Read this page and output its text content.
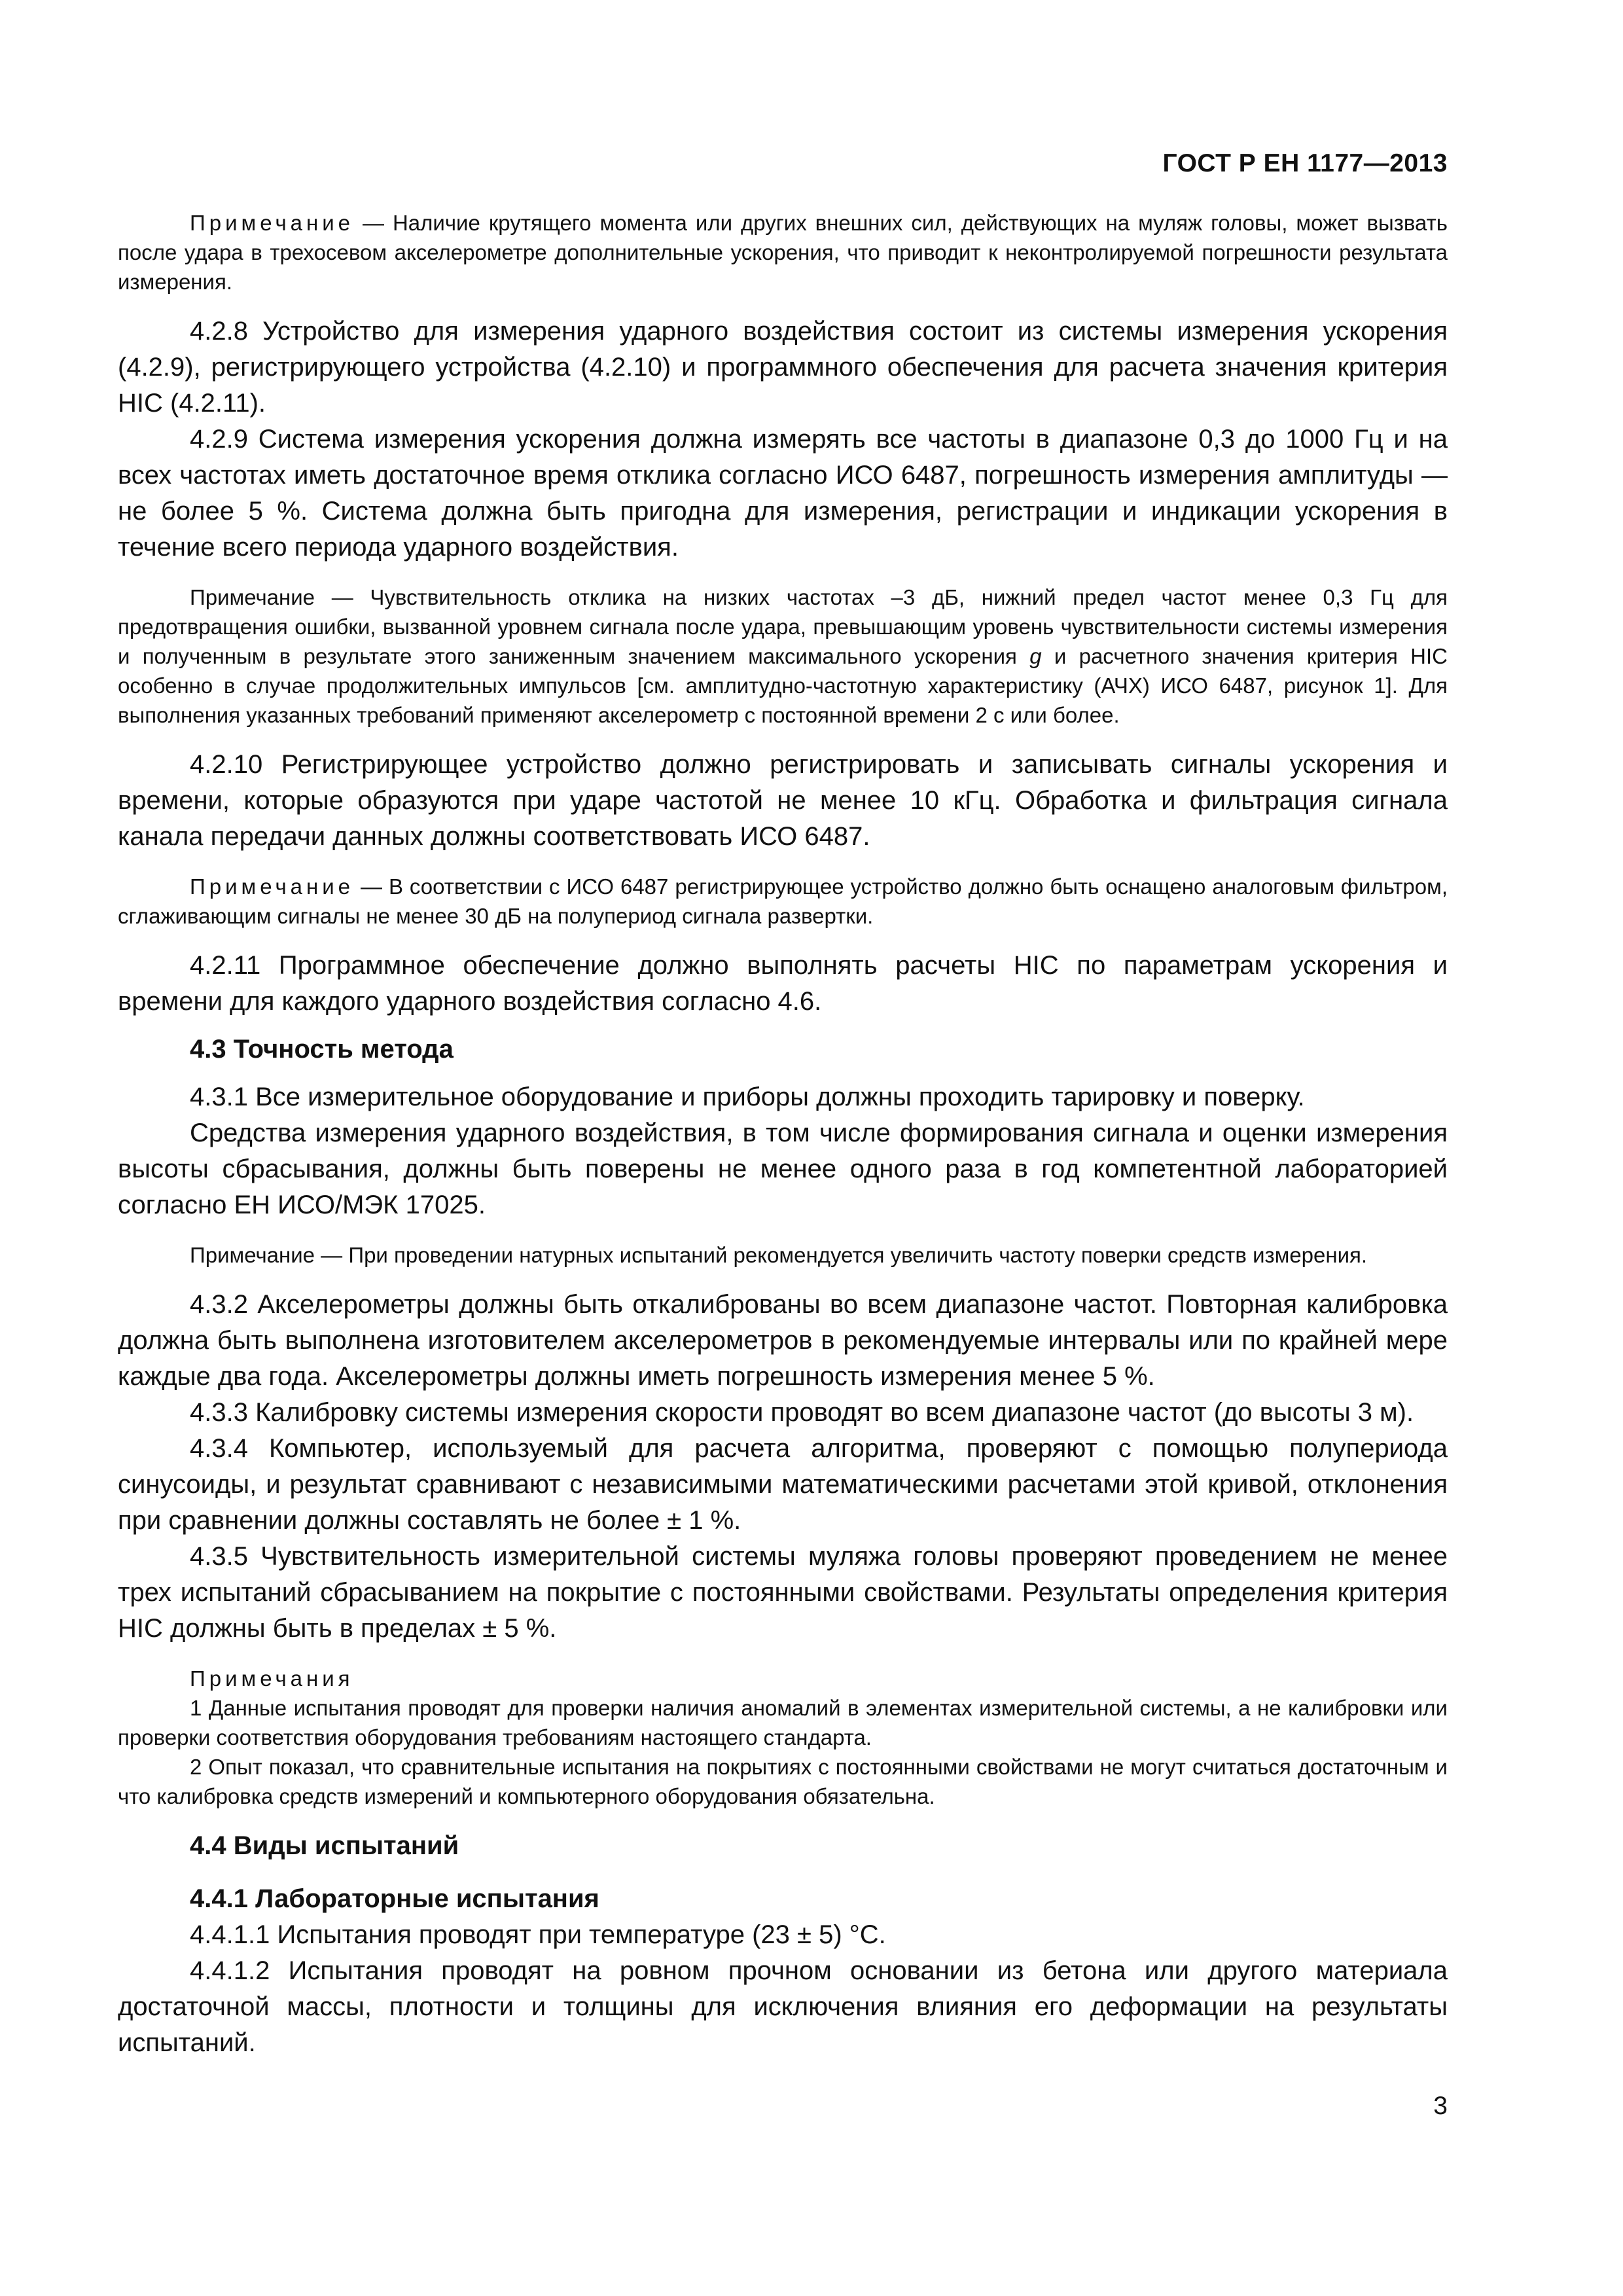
ГОСТ Р ЕН 1177—2013

Примечание — Наличие крутящего момента или других внешних сил, действующих на муляж головы, может вызвать после удара в трехосевом акселерометре дополнительные ускорения, что приводит к неконтролируемой погрешности результата измерения.

4.2.8 Устройство для измерения ударного воздействия состоит из системы измерения ускорения (4.2.9), регистрирующего устройства (4.2.10) и программного обеспечения для расчета значения критерия HIC (4.2.11).

4.2.9 Система измерения ускорения должна измерять все частоты в диапазоне 0,3 до 1000 Гц и на всех частотах иметь достаточное время отклика согласно ИСО 6487, погрешность измерения амплитуды — не более 5 %. Система должна быть пригодна для измерения, регистрации и индикации ускорения в течение всего периода ударного воздействия.

Примечание — Чувствительность отклика на низких частотах –3 дБ, нижний предел частот менее 0,3 Гц для предотвращения ошибки, вызванной уровнем сигнала после удара, превышающим уровень чувствительности системы измерения и полученным в результате этого заниженным значением максимального ускорения g и расчетного значения критерия HIC особенно в случае продолжительных импульсов [см. амплитудно-частотную характеристику (АЧХ) ИСО 6487, рисунок 1]. Для выполнения указанных требований применяют акселерометр с постоянной времени 2 с или более.

4.2.10 Регистрирующее устройство должно регистрировать и записывать сигналы ускорения и времени, которые образуются при ударе частотой не менее 10 кГц. Обработка и фильтрация сигнала канала передачи данных должны соответствовать ИСО 6487.

Примечание — В соответствии с ИСО 6487 регистрирующее устройство должно быть оснащено аналоговым фильтром, сглаживающим сигналы не менее 30 дБ на полупериод сигнала развертки.

4.2.11 Программное обеспечение должно выполнять расчеты HIC по параметрам ускорения и времени для каждого ударного воздействия согласно 4.6.

4.3 Точность метода

4.3.1 Все измерительное оборудование и приборы должны проходить тарировку и поверку.

Средства измерения ударного воздействия, в том числе формирования сигнала и оценки измерения высоты сбрасывания, должны быть поверены не менее одного раза в год компетентной лабораторией согласно ЕН ИСО/МЭК 17025.

Примечание — При проведении натурных испытаний рекомендуется увеличить частоту поверки средств измерения.

4.3.2 Акселерометры должны быть откалиброваны во всем диапазоне частот. Повторная калибровка должна быть выполнена изготовителем акселерометров в рекомендуемые интервалы или по крайней мере каждые два года. Акселерометры должны иметь погрешность измерения менее 5 %.

4.3.3 Калибровку системы измерения скорости проводят во всем диапазоне частот (до высоты 3 м).

4.3.4 Компьютер, используемый для расчета алгоритма, проверяют с помощью полупериода синусоиды, и результат сравнивают с независимыми математическими расчетами этой кривой, отклонения при сравнении должны составлять не более ± 1 %.

4.3.5 Чувствительность измерительной системы муляжа головы проверяют проведением не менее трех испытаний сбрасыванием на покрытие с постоянными свойствами. Результаты определения критерия HIC должны быть в пределах ± 5 %.

Примечания

1 Данные испытания проводят для проверки наличия аномалий в элементах измерительной системы, а не калибровки или проверки соответствия оборудования требованиям настоящего стандарта.

2 Опыт показал, что сравнительные испытания на покрытиях с постоянными свойствами не могут считаться достаточным и что калибровка средств измерений и компьютерного оборудования обязательна.

4.4 Виды испытаний
4.4.1 Лабораторные испытания

4.4.1.1 Испытания проводят при температуре (23 ± 5) °С.

4.4.1.2 Испытания проводят на ровном прочном основании из бетона или другого материала достаточной массы, плотности и толщины для исключения влияния его деформации на результаты испытаний.

3
